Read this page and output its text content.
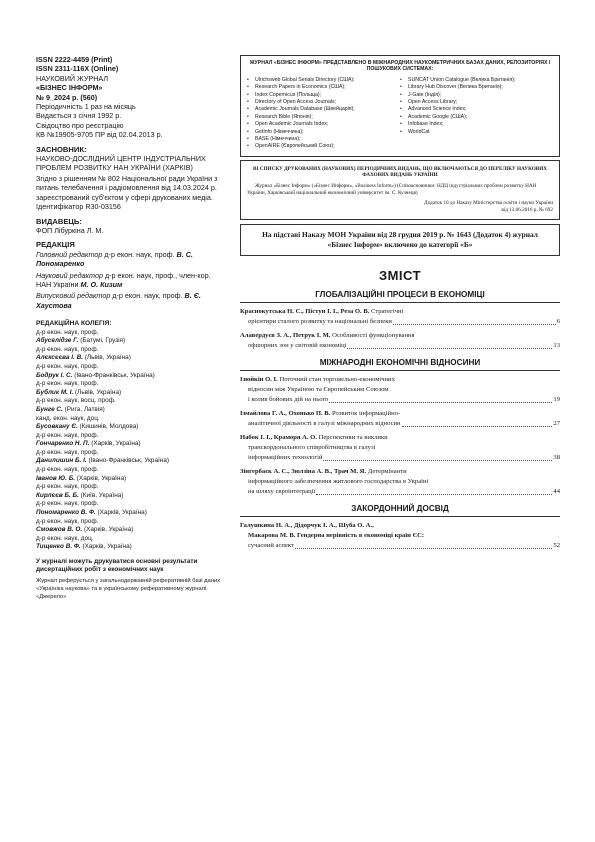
ISSN 2222-4459 (Print)
ISSN 2311-116X (Online)
НАУКОВИЙ ЖУРНАЛ
«БІЗНЕС ІНФОРМ»
№ 9_2024 р. (560)
Періодичність 1 раз на місяць
Видається з січня 1992 р.
Свідоцтво про реєстрацію
КВ №19905-9705 ПР від 02.04.2013 р.
ЗАСНОВНИК:
НАУКОВО-ДОСЛІДНИЙ ЦЕНТР ІНДУСТРІАЛЬНИХ ПРОБЛЕМ РОЗВИТКУ НАН УКРАЇНИ (ХАРКІВ)
Згідно з рішенням № 802 Національної ради України з питань телебачення і радіомовлення від 14.03.2024 р. зареєстрований суб'єктом у сфері друкованих медіа. Ідентифікатор R30-03156
ВИДАВЕЦЬ:
ФОП Лібуркіна Л. М.
РЕДАКЦІЯ
Головний редактор д-р екон. наук, проф. В. С. Пономаренко
Науковий редактор д-р екон. наук, проф., член-кор. НАН України М. О. Кизим
Випусковий редактор д-р екон. наук, проф. В. Є. Хаустова
РЕДАКЦІЙНА КОЛЕГІЯ:
д-р екон. наук, проф.
Абуселідзе Г. (Батумі, Грузія)
д-р екон. наук, проф.
Алєксєєва І. В. (Львів, Україна)
д-р екон. наук, проф.
Бодрук І. С. (Івано-Франківськ, Україна)
д-р екон. наук, проф.
Бублик М. І. (Львів, Україна)
д-р екон. наук, восц. проф.
Бунге С. (Рига, Латвія)
канд. екон. наук, доц.
Бусовкану Є. (Кишинів, Молдова)
д-р екон. наук, проф.
Гончаренко Н. П. (Харків, Україна)
д-р екон. наук, проф.
Данилишин Б. І. (Івано-Франківськ, Україна)
д-р екон. наук, проф.
Іванов Ю. Б. (Харків, Україна)
д-р екон. наук, проф.
Кирлєєв Б. Б. (Київ, Україна)
д-р екон. наук, проф.
Пономаренко В. Ф. (Харків, Україна)
д-р екон. наук, проф.
Смовжов В. О. (Харків, Україна)
д-р екон. наук, доц.
Тищенко В. Ф. (Харків, Україна)
У журналі можуть друкуватися основні результати дисертаційних робіт з економічних наук
Журнал реферується у загальнодержавній реферативній базі даних «Україніка наукова» та в українському реферативному журналі «Джерело»
ЖУРНАЛ «БІЗНЕС ІНФОРМ» ПРЕДСТАВЛЕНО В МІЖНАРОДНИХ НАУКОМЕТРИЧНИХ БАЗАХ ДАНИХ, РЕПОЗИТОРІЯХ І ПОШУКОВИХ СИСТЕМАХ:
•	Ulrichsweb Global Serials Directory (США);
•	Research Papers in Economics (США);
•	Index Copernicus (Польща);
•	Directory of Open Access Journals;
•	Academic Journals Database (Швейцарія);
•	Research Bible (Японія);
•	Open Academic Journals Index;
•	GetInfo (Німеччина);
•	BASE (Німеччина);
•	OpenAIRE (Європейський Союз);
•	SUNCAT Union Catalogue (Велика Британія);
•	Library Hub Discover (Велика Британія);
•	J-Gate (Індія);
•	Open Access Library;
•	Advanced Science Index;
•	Academic Google (США);
•	Infobase Index;
•	WorldCat
ВІ СПИСКУ ДРУКОВАНИХ (НАУКОВИХ) ПЕРІОДИЧНИХ ВИДАНЬ, ЩО ВКЛЮЧАЮТЬСЯ ДО ПЕРЕЛІКУ НАУКОВИХ ФАХОВИХ ВИДАНЬ УКРАЇНИ
Журнал «Бізнес Інформ» («Бізнес Информ», «Business Inform») (Співзасновники: НДЦ індустріальних проблем розвитку НАН України, Харківський національний економічний університет ім. С. Кузнеця)
Додаток 10 до Наказу Міністерства освіти і науки України
від 13.06.2016 р. № 692
На підставі Наказу МОН України від 28 грудня 2019 р. № 1643 (Додаток 4) журнал «Бізнес Інформ» включено до категорії «Б»
ЗМІСТ
ГЛОБАЛІЗАЦІЙНІ ПРОЦЕСИ В ЕКОНОМІЦІ
Краснокутська Н. С., Пістун І. І., Реза О. В. Стратегічні
орієнтири сталого розвитку та національні безпеки	6
Алавердуєв З. А., Петрук І. М. Особливості функціонування
офшорних зон у світовій економіці	13
МІЖНАРОДНІ ЕКОНОМІЧНІ ВІДНОСИНИ
Ізюйкін О. І. Поточний стан торговельно-економічних
відносин між Україною та Європейським Союзом
і колив бойових дій на нього	19
Ізмайлова Г. А., Охонько П. В. Розвиток інформаційно-
аналітичної діяльності в галузі міжнародних відносин	27
Набок І. І., Краморя А. О. Перспективи та виклики
транскордонального співробітництва в галузі
інформаційних технологій	38
Зінгербаєк А. С., Зюлзіна А. В., Трач М. Я. Детермінанти
інформаційного забезпечення житлового господарства в Україні
на шляху євроінтеграції	44
ЗАКОРДОННИЙ ДОСВІД
Галушкина Н. А., Дідорчук І. А., Шуба О. А.,
Макарова М. В. Гендерна нерівність в економіці країн ЄС:
сучасний аспект	52
